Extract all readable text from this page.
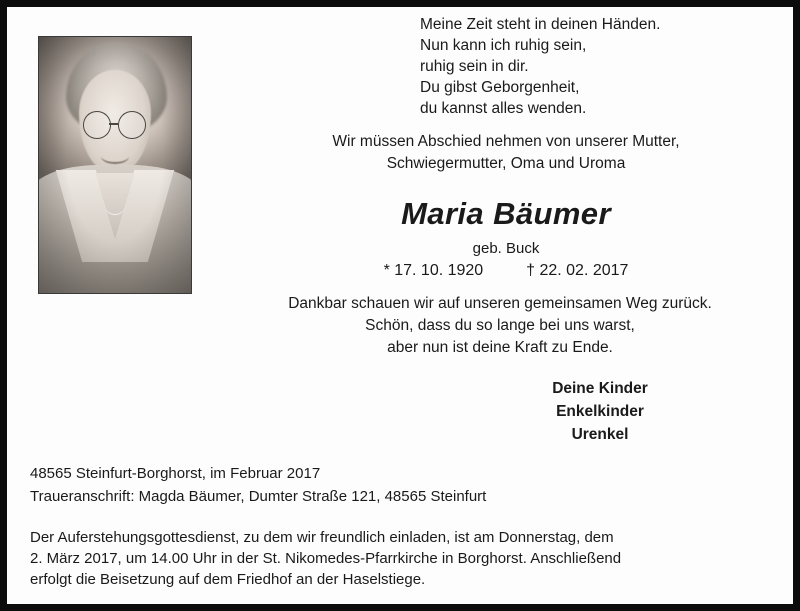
Meine Zeit steht in deinen Händen.
Nun kann ich ruhig sein,
ruhig sein in dir.
Du gibst Geborgenheit,
du kannst alles wenden.
Wir müssen Abschied nehmen von unserer Mutter,
Schwiegermutter, Oma und Uroma
Maria Bäumer
geb. Buck
* 17. 10. 1920	† 22. 02. 2017
Dankbar schauen wir auf unseren gemeinsamen Weg zurück.
Schön, dass du so lange bei uns warst,
aber nun ist deine Kraft zu Ende.
Deine Kinder
Enkelkinder
Urenkel
48565 Steinfurt-Borghorst, im Februar 2017
Traueranschrift: Magda Bäumer, Dumter Straße 121, 48565 Steinfurt
Der Auferstehungsgottesdienst, zu dem wir freundlich einladen, ist am Donnerstag, dem
2. März 2017, um 14.00 Uhr in der St. Nikomedes-Pfarrkirche in Borghorst. Anschließend
erfolgt die Beisetzung auf dem Friedhof an der Haselstiege.
